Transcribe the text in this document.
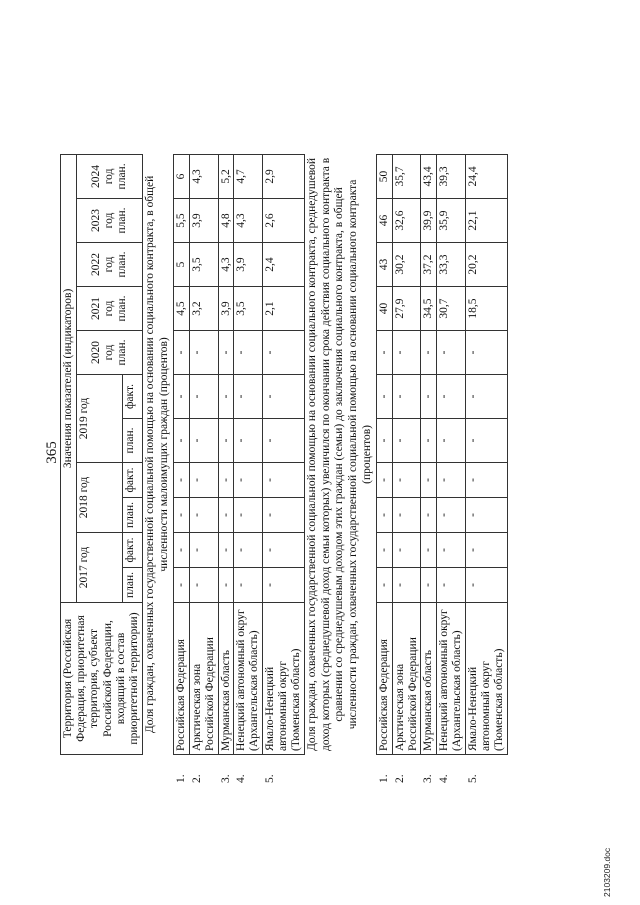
365
2103209.doc
Территория (Российская Федерация, приоритетная территория, субъект Российской Федерации, входящий в состав приоритетной территории)	Значения показателей (индикаторов)										
	2017 год		2018 год		2019 год		2020 год план.	2021 год план.	2022 год план.	2023 год план.	2024 год план.
	план.	факт.	план.	факт.	план.	факт.					
Доля граждан, охваченных государственной социальной помощью на основании социального контракта, в общей численности малоимущих граждан (процентов)											
1.Российская Федерация	-	-	-	-	-	-	-	4,5	5	5,5	6
2.Арктическая зона Российской Федерации	-	-	-	-	-	-	-	3,2	3,5	3,9	4,3
3.Мурманская область	-	-	-	-	-	-	-	3,9	4,3	4,8	5,2
4.Ненецкий автономный округ (Архангельская область)	-	-	-	-	-	-	-	3,5	3,9	4,3	4,7
5.Ямало-Ненецкий автономный округ (Тюменская область)	-	-	-	-	-	-	-	2,1	2,4	2,6	2,9
Доля граждан, охваченных государственной социальной помощью на основании социального контракта, среднедушевой доход которых (среднедушевой доход семьи которых) увеличился по окончании срока действия социального контракта в сравнении со среднедушевым доходом этих граждан (семьи) до заключения социального контракта, в общей численности граждан, охваченных государственной социальной помощью на основании социального контракта (процентов)											
1.Российская Федерация	-	-	-	-	-	-	-	40	43	46	50
2.Арктическая зона Российской Федерации	-	-	-	-	-	-	-	27,9	30,2	32,6	35,7
3.Мурманская область	-	-	-	-	-	-	-	34,5	37,2	39,9	43,4
4.Ненецкий автономный округ (Архангельская область)	-	-	-	-	-	-	-	30,7	33,3	35,9	39,3
5.Ямало-Ненецкий автономный округ (Тюменская область)	-	-	-	-	-	-	-	18,5	20,2	22,1	24,4
